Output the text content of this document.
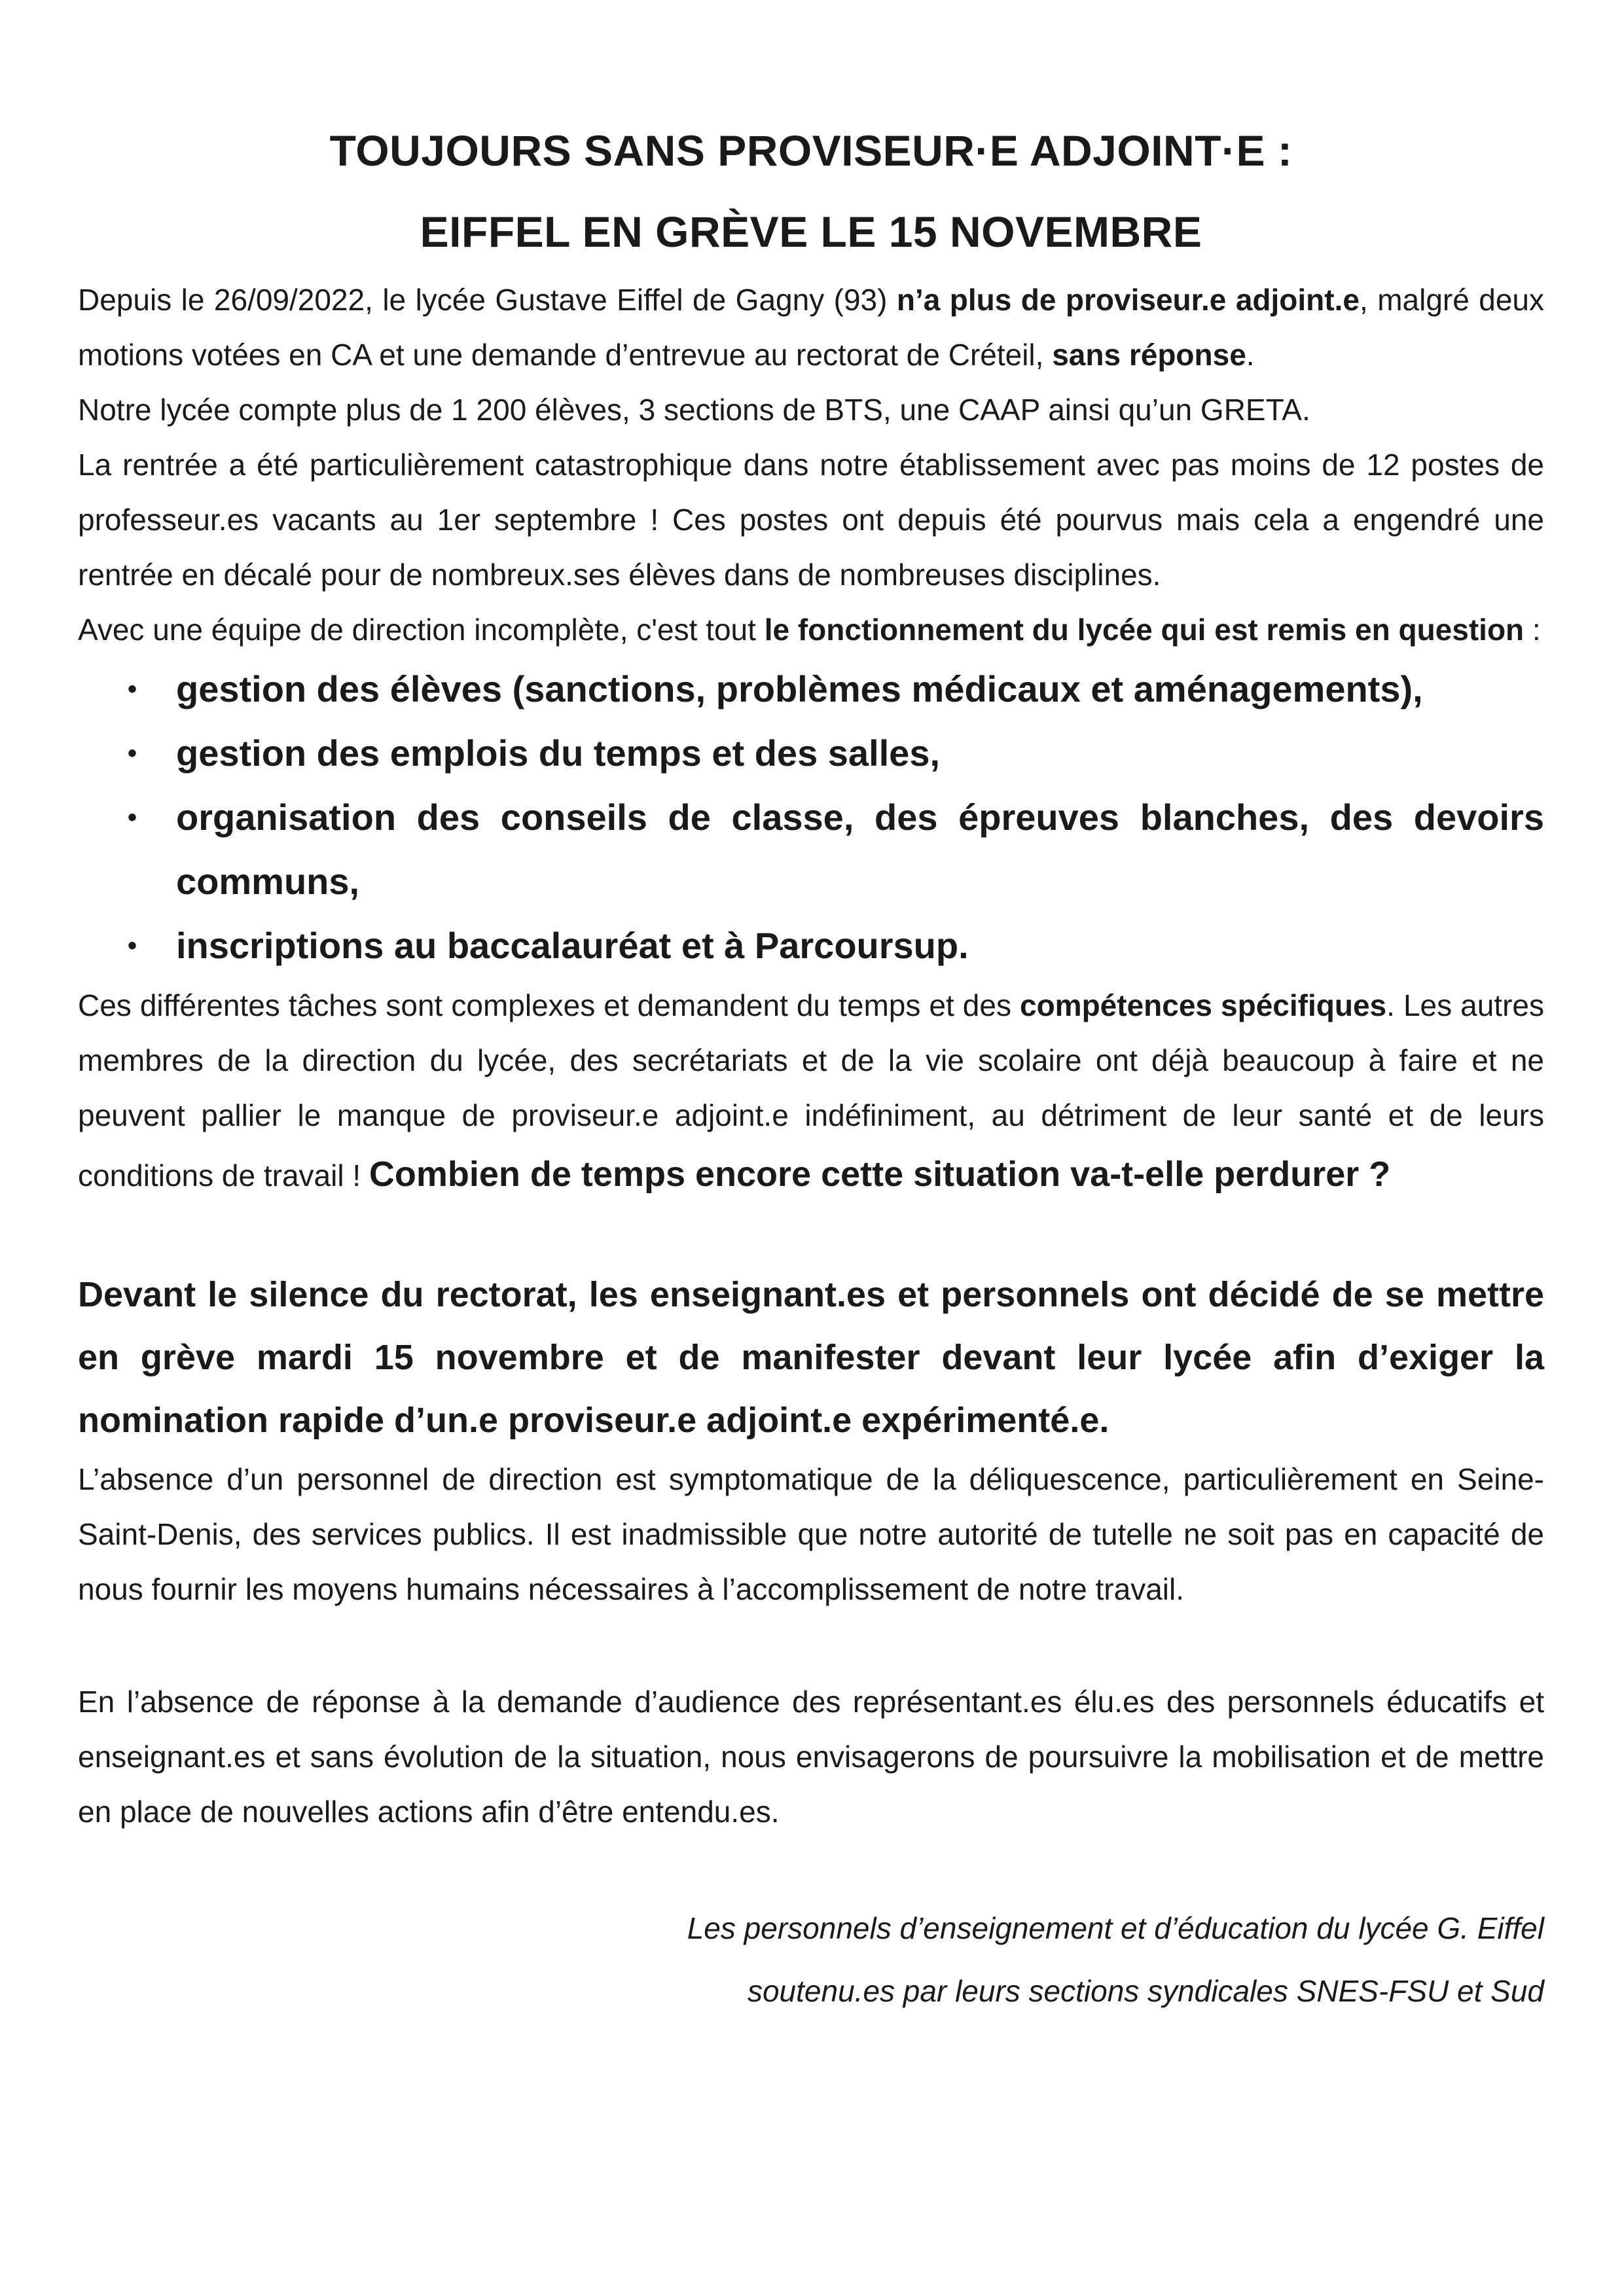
TOUJOURS SANS PROVISEUR·E ADJOINT·E :
EIFFEL EN GRÈVE LE 15 NOVEMBRE

Depuis le 26/09/2022, le lycée Gustave Eiffel de Gagny (93) n’a plus de proviseur.e adjoint.e, malgré deux motions votées en CA et une demande d’entrevue au rectorat de Créteil, sans réponse.

Notre lycée compte plus de 1 200 élèves, 3 sections de BTS, une CAAP ainsi qu’un GRETA.

La rentrée a été particulièrement catastrophique dans notre établissement avec pas moins de 12 postes de professeur.es vacants au 1er septembre ! Ces postes ont depuis été pourvus mais cela a engendré une rentrée en décalé pour de nombreux.ses élèves dans de nombreuses disciplines.

Avec une équipe de direction incomplète, c'est tout le fonctionnement du lycée qui est remis en question :

• gestion des élèves (sanctions, problèmes médicaux et aménagements),
• gestion des emplois du temps et des salles,
• organisation des conseils de classe, des épreuves blanches, des devoirs communs,
• inscriptions au baccalauréat et à Parcoursup.

Ces différentes tâches sont complexes et demandent du temps et des compétences spécifiques. Les autres membres de la direction du lycée, des secrétariats et de la vie scolaire ont déjà beaucoup à faire et ne peuvent pallier le manque de proviseur.e adjoint.e indéfiniment, au détriment de leur santé et de leurs conditions de travail ! Combien de temps encore cette situation va-t-elle perdurer ?

Devant le silence du rectorat, les enseignant.es et personnels ont décidé de se mettre en grève mardi 15 novembre et de manifester devant leur lycée afin d’exiger la nomination rapide d’un.e proviseur.e adjoint.e expérimenté.e.

L’absence d’un personnel de direction est symptomatique de la déliquescence, particulièrement en Seine-Saint-Denis, des services publics. Il est inadmissible que notre autorité de tutelle ne soit pas en capacité de nous fournir les moyens humains nécessaires à l’accomplissement de notre travail.

En l’absence de réponse à la demande d’audience des représentant.es élu.es des personnels éducatifs et enseignant.es et sans évolution de la situation, nous envisagerons de poursuivre la mobilisation et de mettre en place de nouvelles actions afin d’être entendu.es.

Les personnels d’enseignement et d’éducation du lycée G. Eiffel
soutenu.es par leurs sections syndicales SNES-FSU et Sud
